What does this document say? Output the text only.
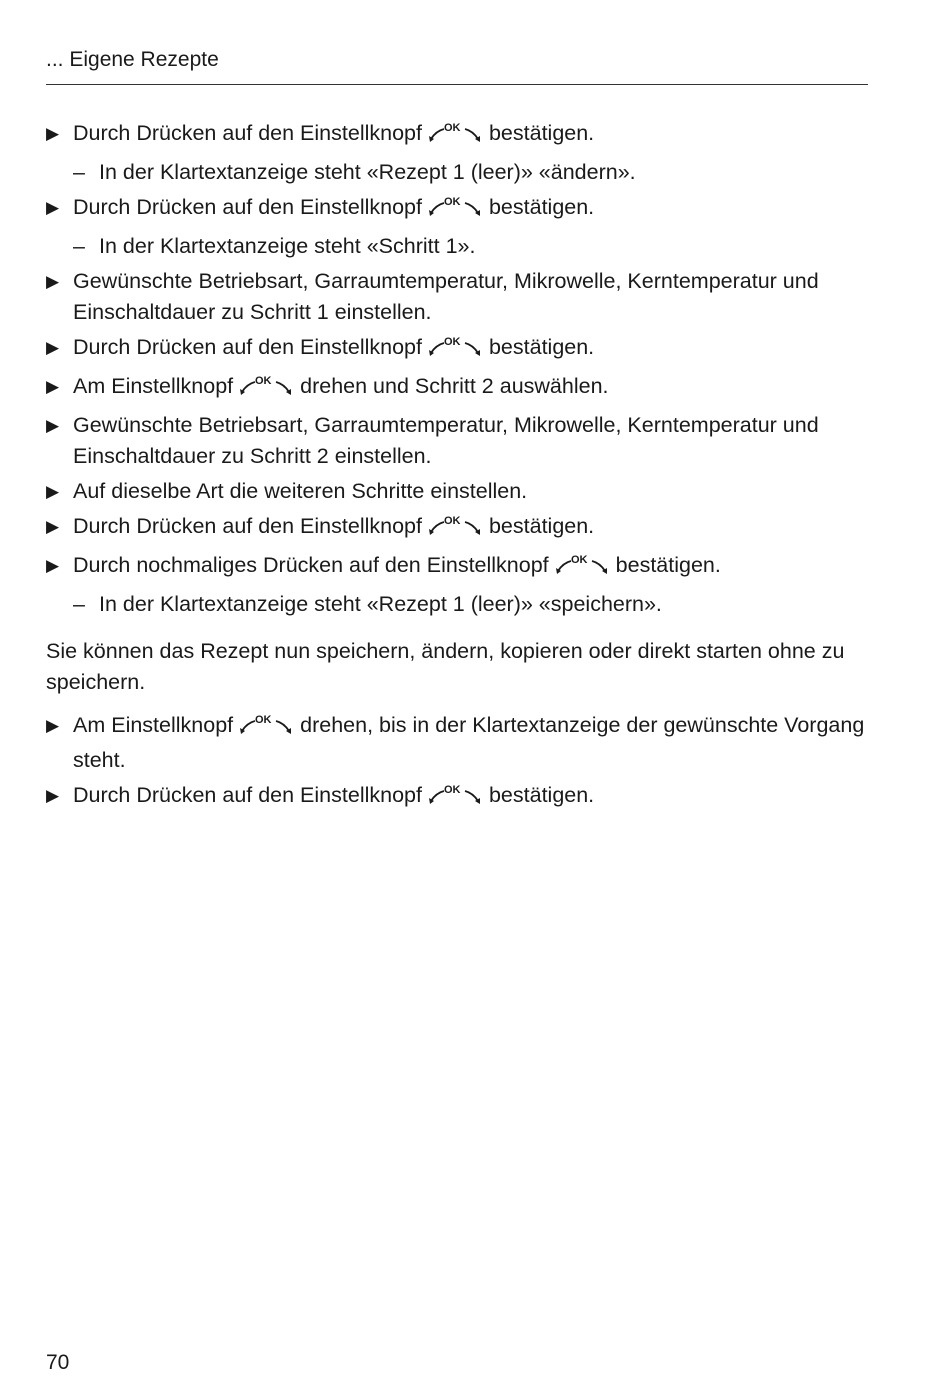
... Eigene Rezepte

▶ Durch Drücken auf den Einstellknopf OK bestätigen.

– In der Klartextanzeige steht «Rezept 1 (leer)» «ändern».

▶ Durch Drücken auf den Einstellknopf OK bestätigen.

– In der Klartextanzeige steht «Schritt 1».

▶ Gewünschte Betriebsart, Garraumtemperatur, Mikrowelle, Kerntemperatur und Einschaltdauer zu Schritt 1 einstellen.

▶ Durch Drücken auf den Einstellknopf OK bestätigen.

▶ Am Einstellknopf OK drehen und Schritt 2 auswählen.

▶ Gewünschte Betriebsart, Garraumtemperatur, Mikrowelle, Kerntemperatur und Einschaltdauer zu Schritt 2 einstellen.

▶ Auf dieselbe Art die weiteren Schritte einstellen.

▶ Durch Drücken auf den Einstellknopf OK bestätigen.

▶ Durch nochmaliges Drücken auf den Einstellknopf OK bestätigen.

– In der Klartextanzeige steht «Rezept 1 (leer)» «speichern».

Sie können das Rezept nun speichern, ändern, kopieren oder direkt starten ohne zu speichern.

▶ Am Einstellknopf OK drehen, bis in der Klartextanzeige der gewünschte Vorgang steht.

▶ Durch Drücken auf den Einstellknopf OK bestätigen.

70
